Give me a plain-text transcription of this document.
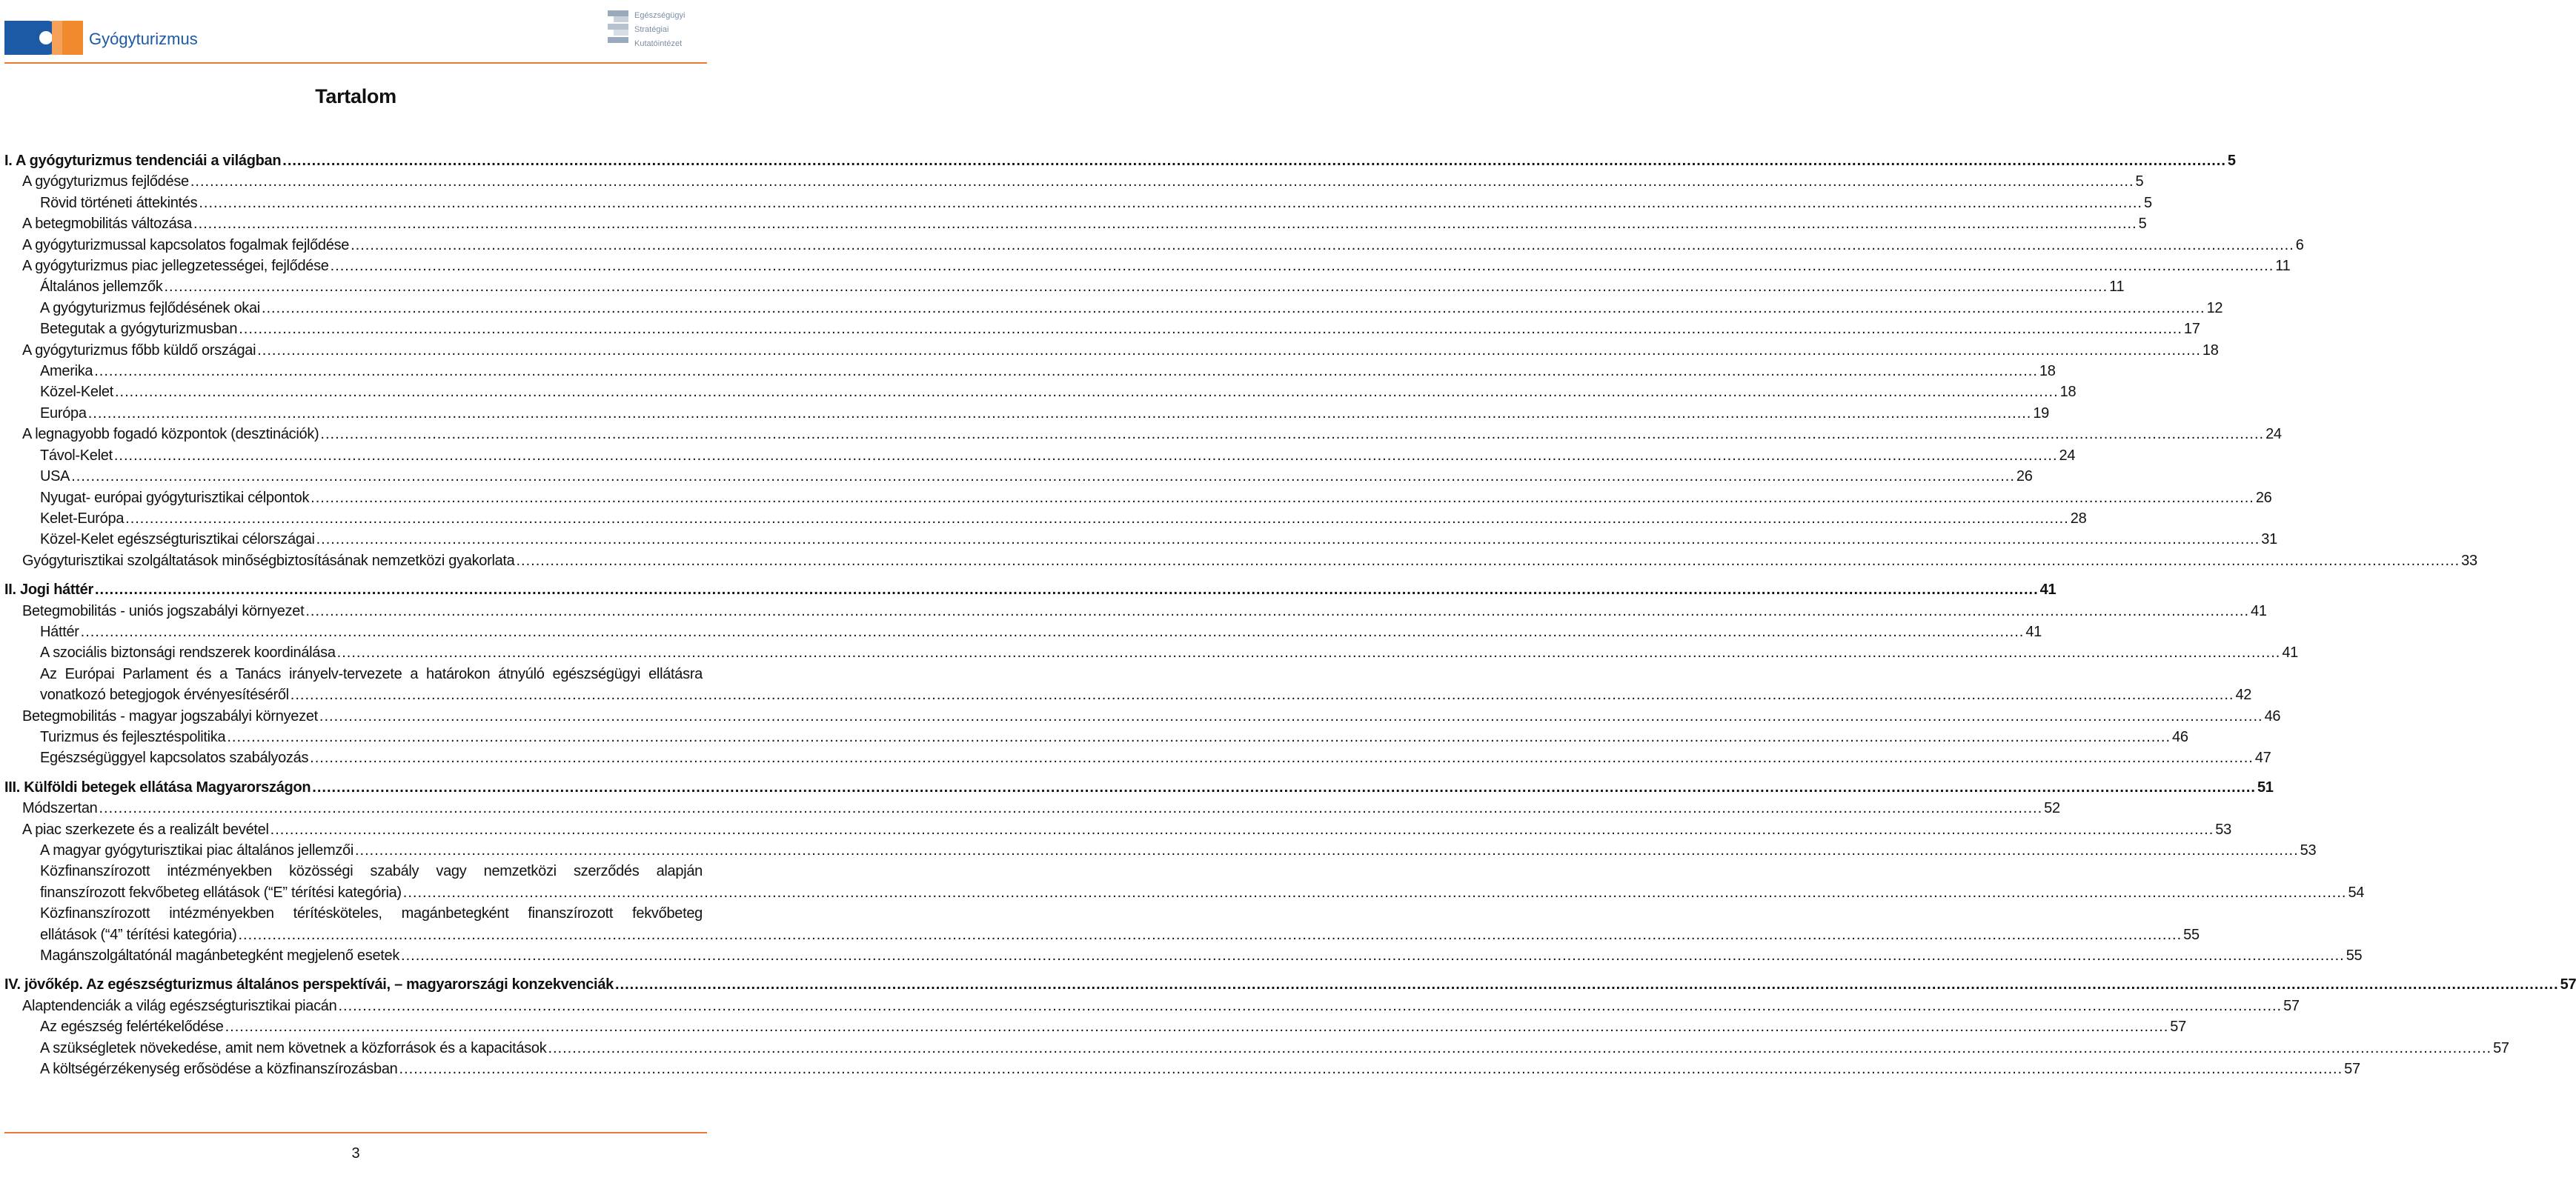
Gyógyturizmus
Egészségügyi
Stratégiai
Kutatóintézet
Tartalom
I. A gyógyturizmus tendenciái a világban ................................................................................................................................................................................................................................................................................................................................................................................................................ 5
A gyógyturizmus fejlődése ................................................................................................................................................................................................................................................................................................................................................................................................................ 5
Rövid történeti áttekintés ................................................................................................................................................................................................................................................................................................................................................................................................................ 5
A betegmobilitás változása ................................................................................................................................................................................................................................................................................................................................................................................................................ 5
A gyógyturizmussal kapcsolatos fogalmak fejlődése ................................................................................................................................................................................................................................................................................................................................................................................................................ 6
A gyógyturizmus piac jellegzetességei, fejlődése ................................................................................................................................................................................................................................................................................................................................................................................................................ 11
Általános jellemzők ................................................................................................................................................................................................................................................................................................................................................................................................................ 11
A gyógyturizmus fejlődésének okai ................................................................................................................................................................................................................................................................................................................................................................................................................ 12
Betegutak a gyógyturizmusban ................................................................................................................................................................................................................................................................................................................................................................................................................ 17
A gyógyturizmus főbb küldő országai ................................................................................................................................................................................................................................................................................................................................................................................................................ 18
Amerika ................................................................................................................................................................................................................................................................................................................................................................................................................ 18
Közel-Kelet ................................................................................................................................................................................................................................................................................................................................................................................................................ 18
Európa ................................................................................................................................................................................................................................................................................................................................................................................................................ 19
A legnagyobb fogadó központok (desztinációk) ................................................................................................................................................................................................................................................................................................................................................................................................................ 24
Távol-Kelet ................................................................................................................................................................................................................................................................................................................................................................................................................ 24
USA ................................................................................................................................................................................................................................................................................................................................................................................................................ 26
Nyugat- európai gyógyturisztikai célpontok ................................................................................................................................................................................................................................................................................................................................................................................................................ 26
Kelet-Európa ................................................................................................................................................................................................................................................................................................................................................................................................................ 28
Közel-Kelet egészségturisztikai célországai ................................................................................................................................................................................................................................................................................................................................................................................................................ 31
Gyógyturisztikai szolgáltatások minőségbiztosításának nemzetközi gyakorlata ................................................................................................................................................................................................................................................................................................................................................................................................................ 33
II. Jogi háttér ................................................................................................................................................................................................................................................................................................................................................................................................................ 41
Betegmobilitás - uniós jogszabályi környezet ................................................................................................................................................................................................................................................................................................................................................................................................................ 41
Háttér ................................................................................................................................................................................................................................................................................................................................................................................................................ 41
A szociális biztonsági rendszerek koordinálása ................................................................................................................................................................................................................................................................................................................................................................................................................ 41
Az Európai Parlament és a Tanács irányelv-tervezete a határokon átnyúló egészségügyi ellátásra
vonatkozó betegjogok érvényesítéséről ................................................................................................................................................................................................................................................................................................................................................................................................................ 42
Betegmobilitás - magyar jogszabályi környezet ................................................................................................................................................................................................................................................................................................................................................................................................................ 46
Turizmus és fejlesztéspolitika ................................................................................................................................................................................................................................................................................................................................................................................................................ 46
Egészségüggyel kapcsolatos szabályozás ................................................................................................................................................................................................................................................................................................................................................................................................................ 47
III. Külföldi betegek ellátása Magyarországon ................................................................................................................................................................................................................................................................................................................................................................................................................ 51
Módszertan ................................................................................................................................................................................................................................................................................................................................................................................................................ 52
A piac szerkezete és a realizált bevétel ................................................................................................................................................................................................................................................................................................................................................................................................................ 53
A magyar gyógyturisztikai piac általános jellemzői ................................................................................................................................................................................................................................................................................................................................................................................................................ 53
Közfinanszírozott intézményekben közösségi szabály vagy nemzetközi szerződés alapján
finanszírozott fekvőbeteg ellátások (“E” térítési kategória) ................................................................................................................................................................................................................................................................................................................................................................................................................ 54
Közfinanszírozott intézményekben térítésköteles, magánbetegként finanszírozott fekvőbeteg
ellátások (“4” térítési kategória) ................................................................................................................................................................................................................................................................................................................................................................................................................ 55
Magánszolgáltatónál magánbetegként megjelenő esetek ................................................................................................................................................................................................................................................................................................................................................................................................................ 55
IV. jövőkép. Az egészségturizmus általános perspektívái, – magyarországi konzekvenciák ................................................................................................................................................................................................................................................................................................................................................................................................................ 57
Alaptendenciák a világ egészségturisztikai piacán ................................................................................................................................................................................................................................................................................................................................................................................................................ 57
Az egészség felértékelődése ................................................................................................................................................................................................................................................................................................................................................................................................................ 57
A szükségletek növekedése, amit nem követnek a közforrások és a kapacitások ................................................................................................................................................................................................................................................................................................................................................................................................................ 57
A költségérzékenység erősödése a közfinanszírozásban ................................................................................................................................................................................................................................................................................................................................................................................................................ 57
3
